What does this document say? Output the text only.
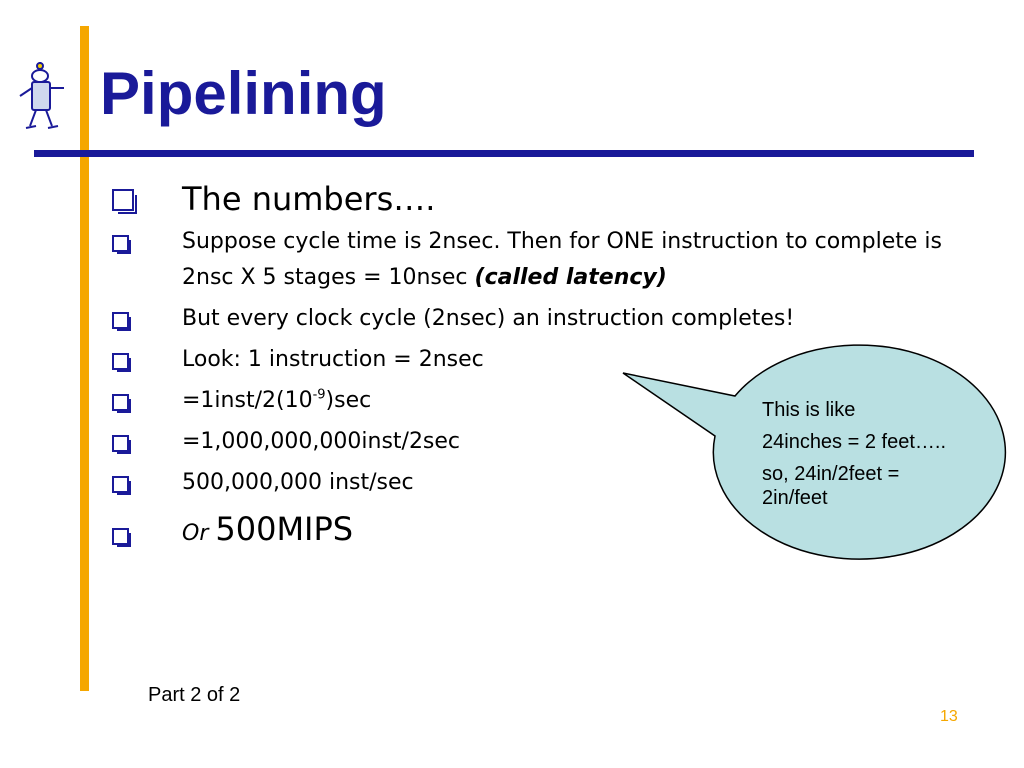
Pipelining
The numbers….
Suppose cycle time is 2nsec. Then for ONE instruction to complete is 2nsc X 5 stages = 10nsec (called latency)
But every clock cycle (2nsec) an instruction completes!
Look: 1 instruction = 2nsec
$=1inst/2(10^{-9})\sec$
=1,000,000,000inst/2sec
500,000,000 inst/sec
Or 500MIPS

This is like

24inches = 2 feet…..

so, 24in/2feet = 2in/feet

Part 2 of 2
13
